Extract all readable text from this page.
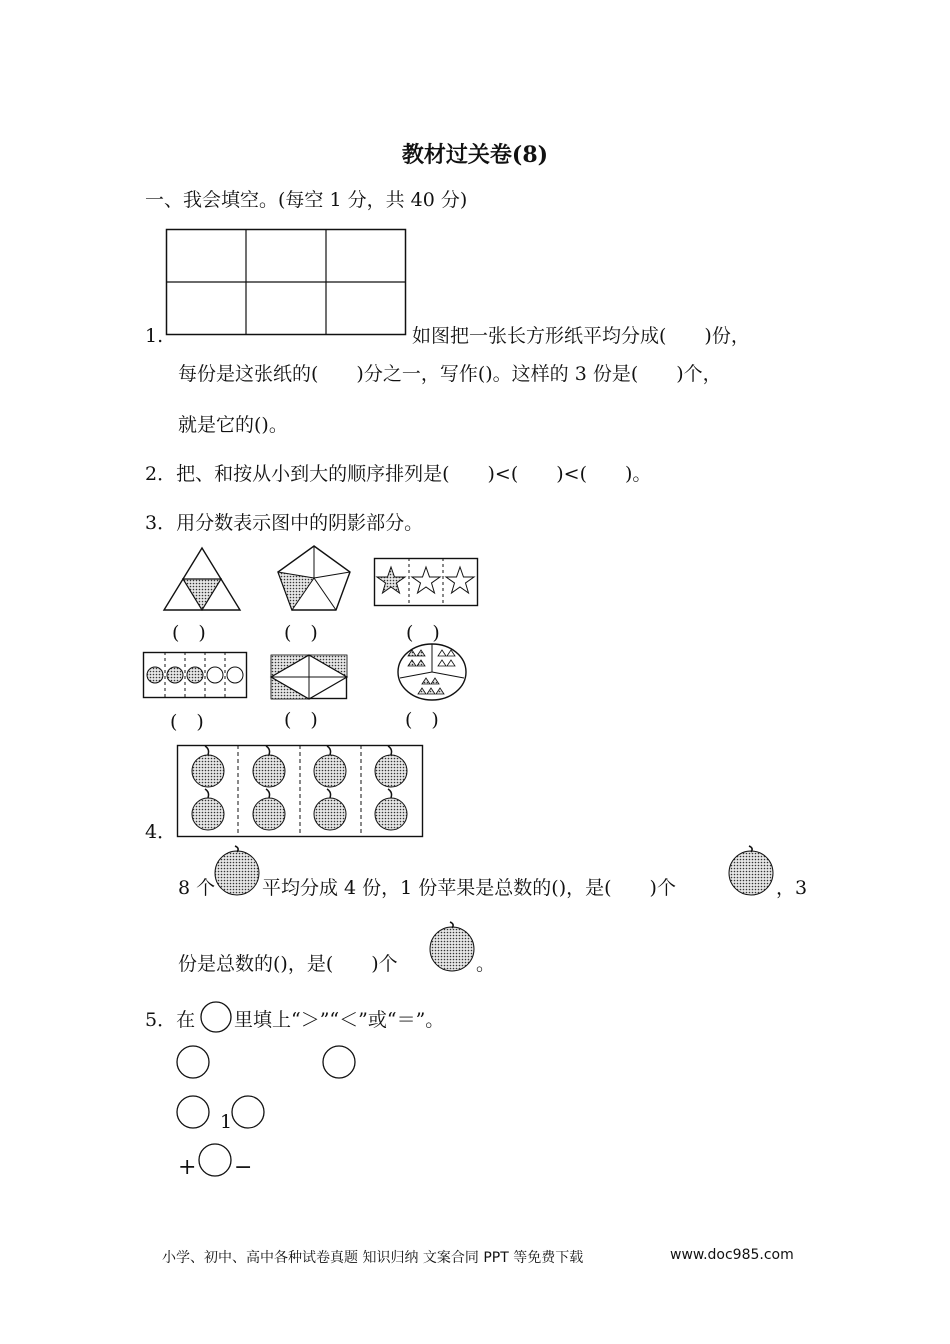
教材过关卷(8)
一、我会填空。(每空 1 分，共 40 分)
1.	如图把一张长方形纸平均分成(　　)份，
每份是这张纸的(　　)分之一，写作()。这样的 3 份是(　　)个，
就是它的()。
2．把、和按从小到大的顺序排列是(　　)<(　　)<(　　)。
3．用分数表示图中的阴影部分。
(　)	(　)	(　)
(　)	(　)	(　)
4．
8 个 平均分成 4 份，1 份苹果是总数的()，是(　　)个	，3
份是总数的()，是(　　)个	。
5．在 里填上“＞”“＜”或“＝”。
1
+ −
小学、初中、高中各种试卷真题 知识归纳 文案合同 PPT 等免费下载	www.doc985.com
